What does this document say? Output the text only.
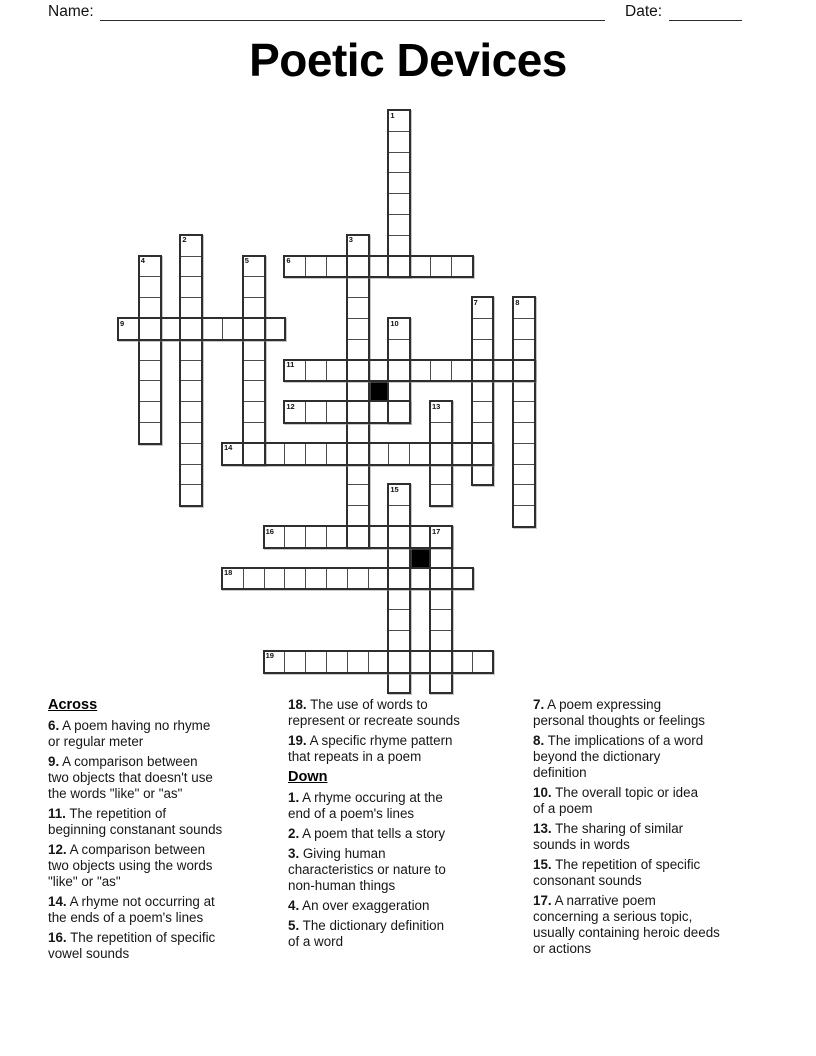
Name:	Date:
Poetic Devices
1
2	3
4	5	6
7	8
9	10
11
12	13
14
15
16	17
18
19
Across

6. A poem having no rhyme
or regular meter

9. A comparison between
two objects that doesn't use
the words "like" or "as"

11. The repetition of
beginning constanant sounds

12. A comparison between
two objects using the words
"like" or "as"

14. A rhyme not occurring at
the ends of a poem's lines

16. The repetition of specific
vowel sounds

18. The use of words to
represent or recreate sounds

19. A specific rhyme pattern
that repeats in a poem

Down

1. A rhyme occuring at the
end of a poem's lines

2. A poem that tells a story

3. Giving human
characteristics or nature to
non-human things

4. An over exaggeration

5. The dictionary definition
of a word

7. A poem expressing
personal thoughts or feelings

8. The implications of a word
beyond the dictionary
definition

10. The overall topic or idea
of a poem

13. The sharing of similar
sounds in words

15. The repetition of specific
consonant sounds

17. A narrative poem
concerning a serious topic,
usually containing heroic deeds
or actions
